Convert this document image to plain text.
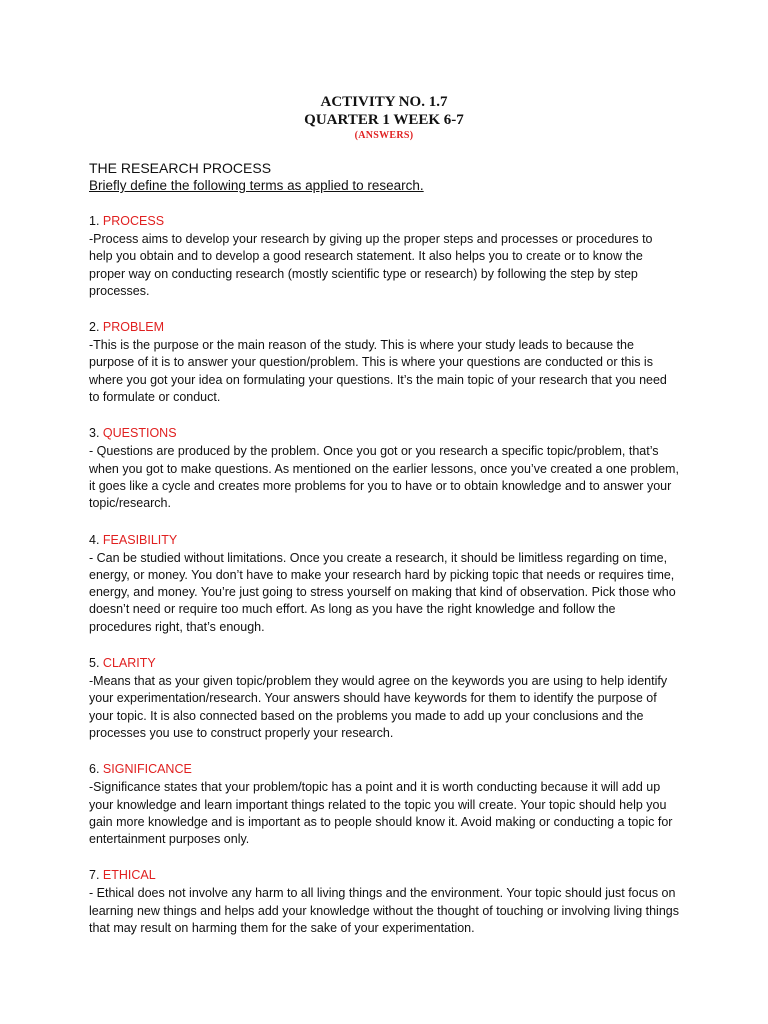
ACTIVITY NO. 1.7
QUARTER 1 WEEK 6-7
(ANSWERS)
THE RESEARCH PROCESS
Briefly define the following terms as applied to research.
1. PROCESS
-Process aims to develop your research by giving up the proper steps and processes or procedures to help you obtain and to develop a good research statement. It also helps you to create or to know the proper way on conducting research (mostly scientific type or research) by following the step by step processes.
2. PROBLEM
-This is the purpose or the main reason of the study. This is where your study leads to because the purpose of it is to answer your question/problem. This is where your questions are conducted or this is where you got your idea on formulating your questions. It’s the main topic of your research that you need to formulate or conduct.
3. QUESTIONS
- Questions are produced by the problem. Once you got or you research a specific topic/problem, that’s when you got to make questions. As mentioned on the earlier lessons, once you’ve created a one problem, it goes like a cycle and creates more problems for you to have or to obtain knowledge and to answer your topic/research.
4. FEASIBILITY
- Can be studied without limitations. Once you create a research, it should be limitless regarding on time, energy, or money. You don’t have to make your research hard by picking topic that needs or requires time, energy, and money. You’re just going to stress yourself on making that kind of observation. Pick those who doesn’t need or require too much effort. As long as you have the right knowledge and follow the procedures right, that’s enough.
5. CLARITY
-Means that as your given topic/problem they would agree on the keywords you are using to help identify your experimentation/research. Your answers should have keywords for them to identify the purpose of your topic. It is also connected based on the problems you made to add up your conclusions and the processes you use to construct properly your research.
6. SIGNIFICANCE
-Significance states that your problem/topic has a point and it is worth conducting because it will add up your knowledge and learn important things related to the topic you will create. Your topic should help you gain more knowledge and is important as to people should know it. Avoid making or conducting a topic for entertainment purposes only.
7. ETHICAL
- Ethical does not involve any harm to all living things and the environment. Your topic should just focus on learning new things and helps add your knowledge without the thought of touching or involving living things that may result on harming them for the sake of your experimentation.
